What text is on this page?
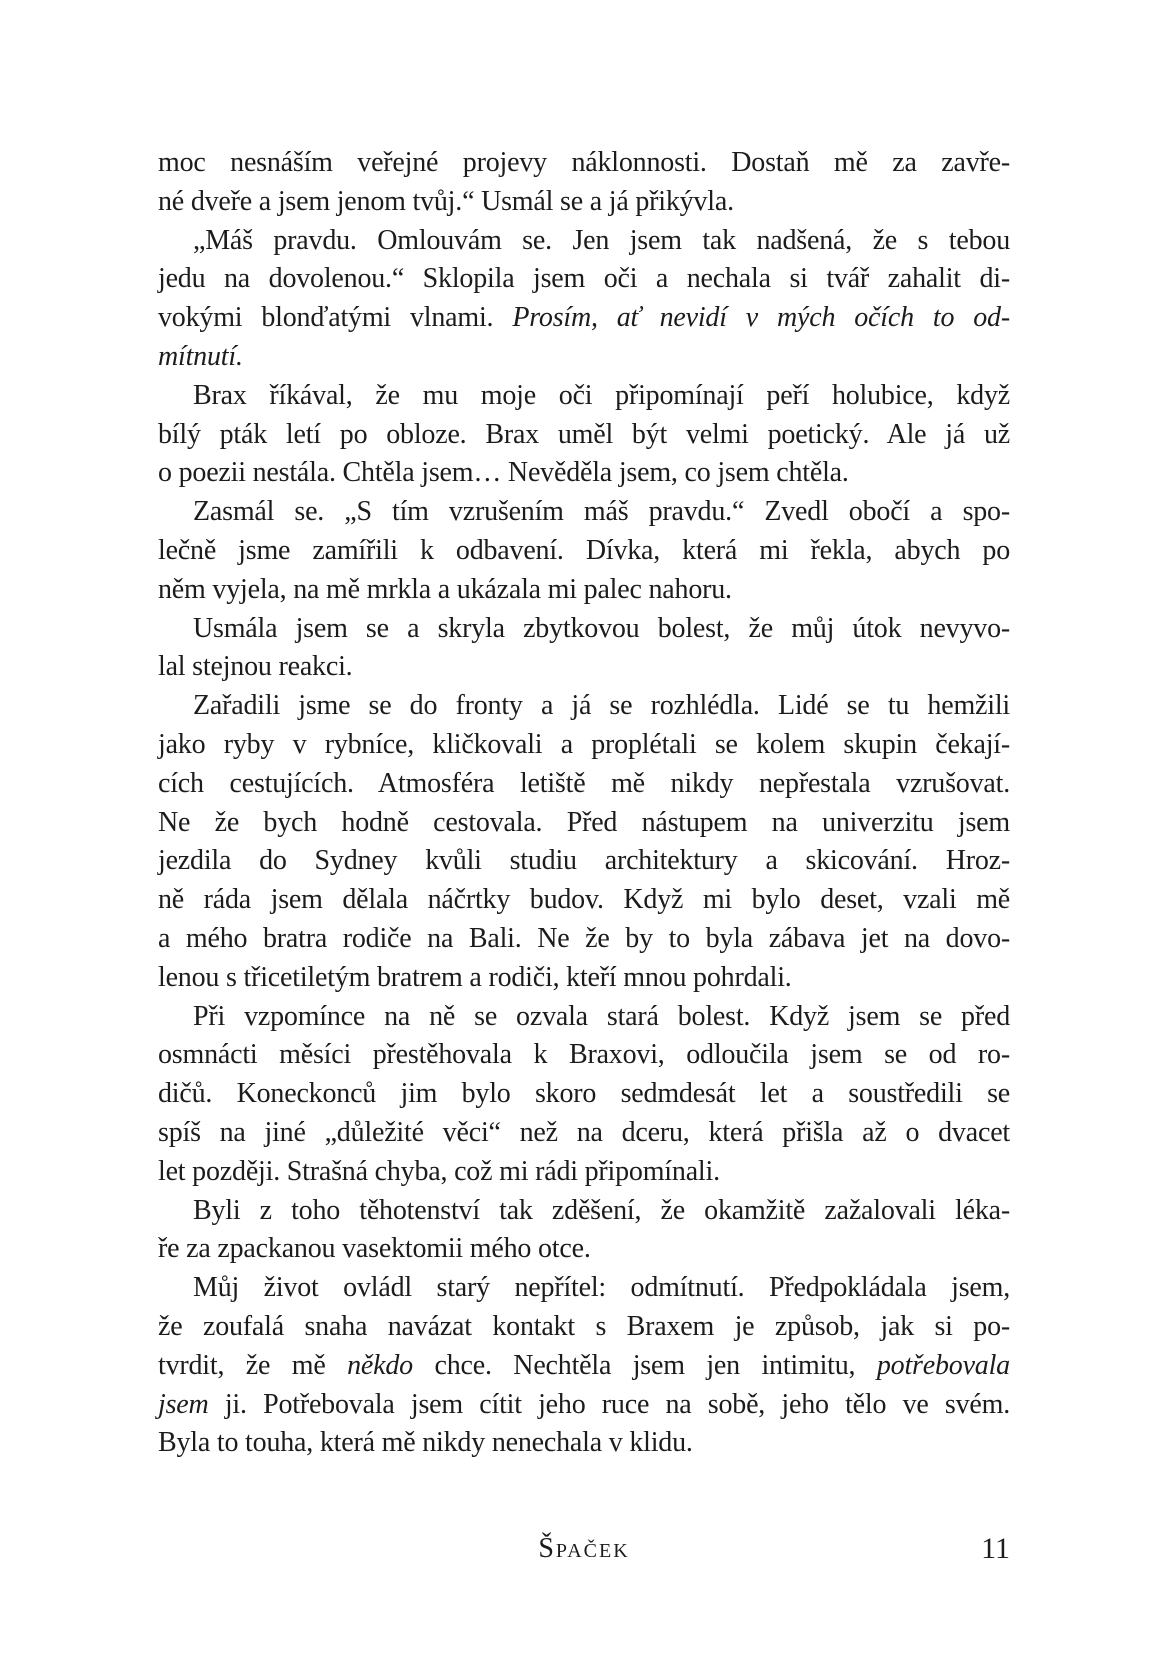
moc nesnáším veřejné projevy náklonnosti. Dostaň mě za zavře-
né dveře a jsem jenom tvůj.“ Usmál se a já přikývla.
„Máš pravdu. Omlouvám se. Jen jsem tak nadšená, že s tebou
jedu na dovolenou.“ Sklopila jsem oči a nechala si tvář zahalit di-
vokými blonďatými vlnami. Prosím, ať nevidí v mých očích to od-
mítnutí.
Brax říkával, že mu moje oči připomínají peří holubice, když
bílý pták letí po obloze. Brax uměl být velmi poetický. Ale já už
o poezii nestála. Chtěla jsem… Nevěděla jsem, co jsem chtěla.
Zasmál se. „S tím vzrušením máš pravdu.“ Zvedl obočí a spo-
lečně jsme zamířili k odbavení. Dívka, která mi řekla, abych po
něm vyjela, na mě mrkla a ukázala mi palec nahoru.
Usmála jsem se a skryla zbytkovou bolest, že můj útok nevyvo-
lal stejnou reakci.
Zařadili jsme se do fronty a já se rozhlédla. Lidé se tu hemžili
jako ryby v rybníce, kličkovali a proplétali se kolem skupin čekají-
cích cestujících. Atmosféra letiště mě nikdy nepřestala vzrušovat.
Ne že bych hodně cestovala. Před nástupem na univerzitu jsem
jezdila do Sydney kvůli studiu architektury a skicování. Hroz-
ně ráda jsem dělala náčrtky budov. Když mi bylo deset, vzali mě
a mého bratra rodiče na Bali. Ne že by to byla zábava jet na dovo-
lenou s třicetiletým bratrem a rodiči, kteří mnou pohrdali.
Při vzpomínce na ně se ozvala stará bolest. Když jsem se před
osmnácti měsíci přestěhovala k Braxovi, odloučila jsem se od ro-
dičů. Koneckonců jim bylo skoro sedmdesát let a soustředili se
spíš na jiné „důležité věci“ než na dceru, která přišla až o dvacet
let později. Strašná chyba, což mi rádi připomínali.
Byli z toho těhotenství tak zděšení, že okamžitě zažalovali léka-
ře za zpackanou vasektomii mého otce.
Můj život ovládl starý nepřítel: odmítnutí. Předpokládala jsem,
že zoufalá snaha navázat kontakt s Braxem je způsob, jak si po-
tvrdit, že mě někdo chce. Nechtěla jsem jen intimitu, potřebovala
jsem ji. Potřebovala jsem cítit jeho ruce na sobě, jeho tělo ve svém.
Byla to touha, která mě nikdy nenechala v klidu.
Špaček	11
